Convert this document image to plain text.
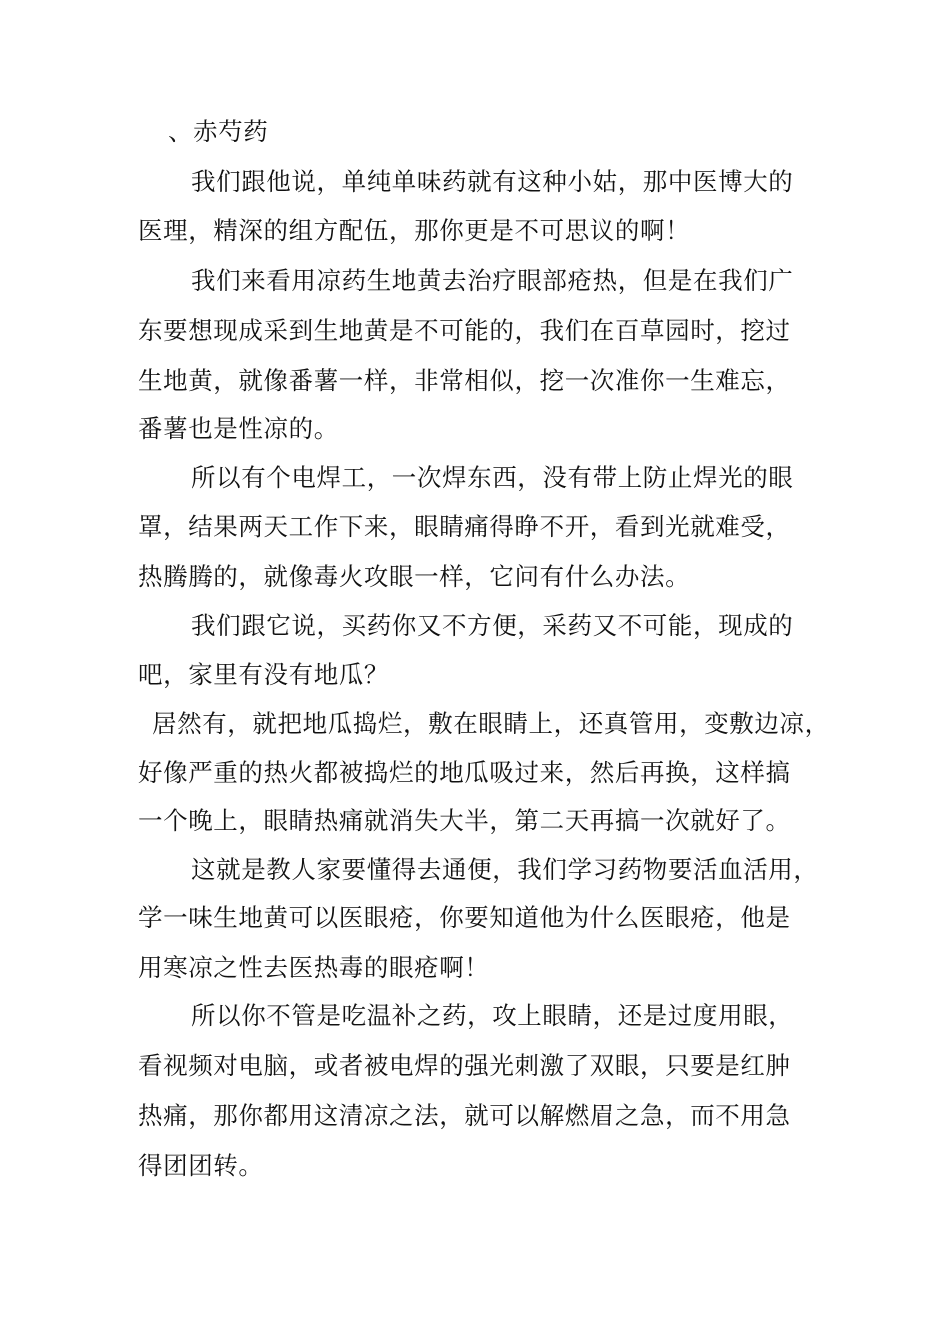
、赤芍药
我们跟他说，单纯单味药就有这种小姑，那中医博大的
医理，精深的组方配伍，那你更是不可思议的啊！
我们来看用凉药生地黄去治疗眼部疮热，但是在我们广
东要想现成采到生地黄是不可能的，我们在百草园时，挖过
生地黄，就像番薯一样，非常相似，挖一次准你一生难忘，
番薯也是性凉的。
所以有个电焊工，一次焊东西，没有带上防止焊光的眼
罩，结果两天工作下来，眼睛痛得睁不开，看到光就难受，
热腾腾的，就像毒火攻眼一样，它问有什么办法。
我们跟它说，买药你又不方便，采药又不可能，现成的
吧，家里有没有地瓜？
居然有，就把地瓜捣烂，敷在眼睛上，还真管用，变敷边凉，
好像严重的热火都被捣烂的地瓜吸过来，然后再换，这样搞
一个晚上，眼睛热痛就消失大半，第二天再搞一次就好了。
这就是教人家要懂得去通便，我们学习药物要活血活用，
学一味生地黄可以医眼疮，你要知道他为什么医眼疮，他是
用寒凉之性去医热毒的眼疮啊！
所以你不管是吃温补之药，攻上眼睛，还是过度用眼，
看视频对电脑，或者被电焊的强光刺激了双眼，只要是红肿
热痛，那你都用这清凉之法，就可以解燃眉之急，而不用急
得团团转。
